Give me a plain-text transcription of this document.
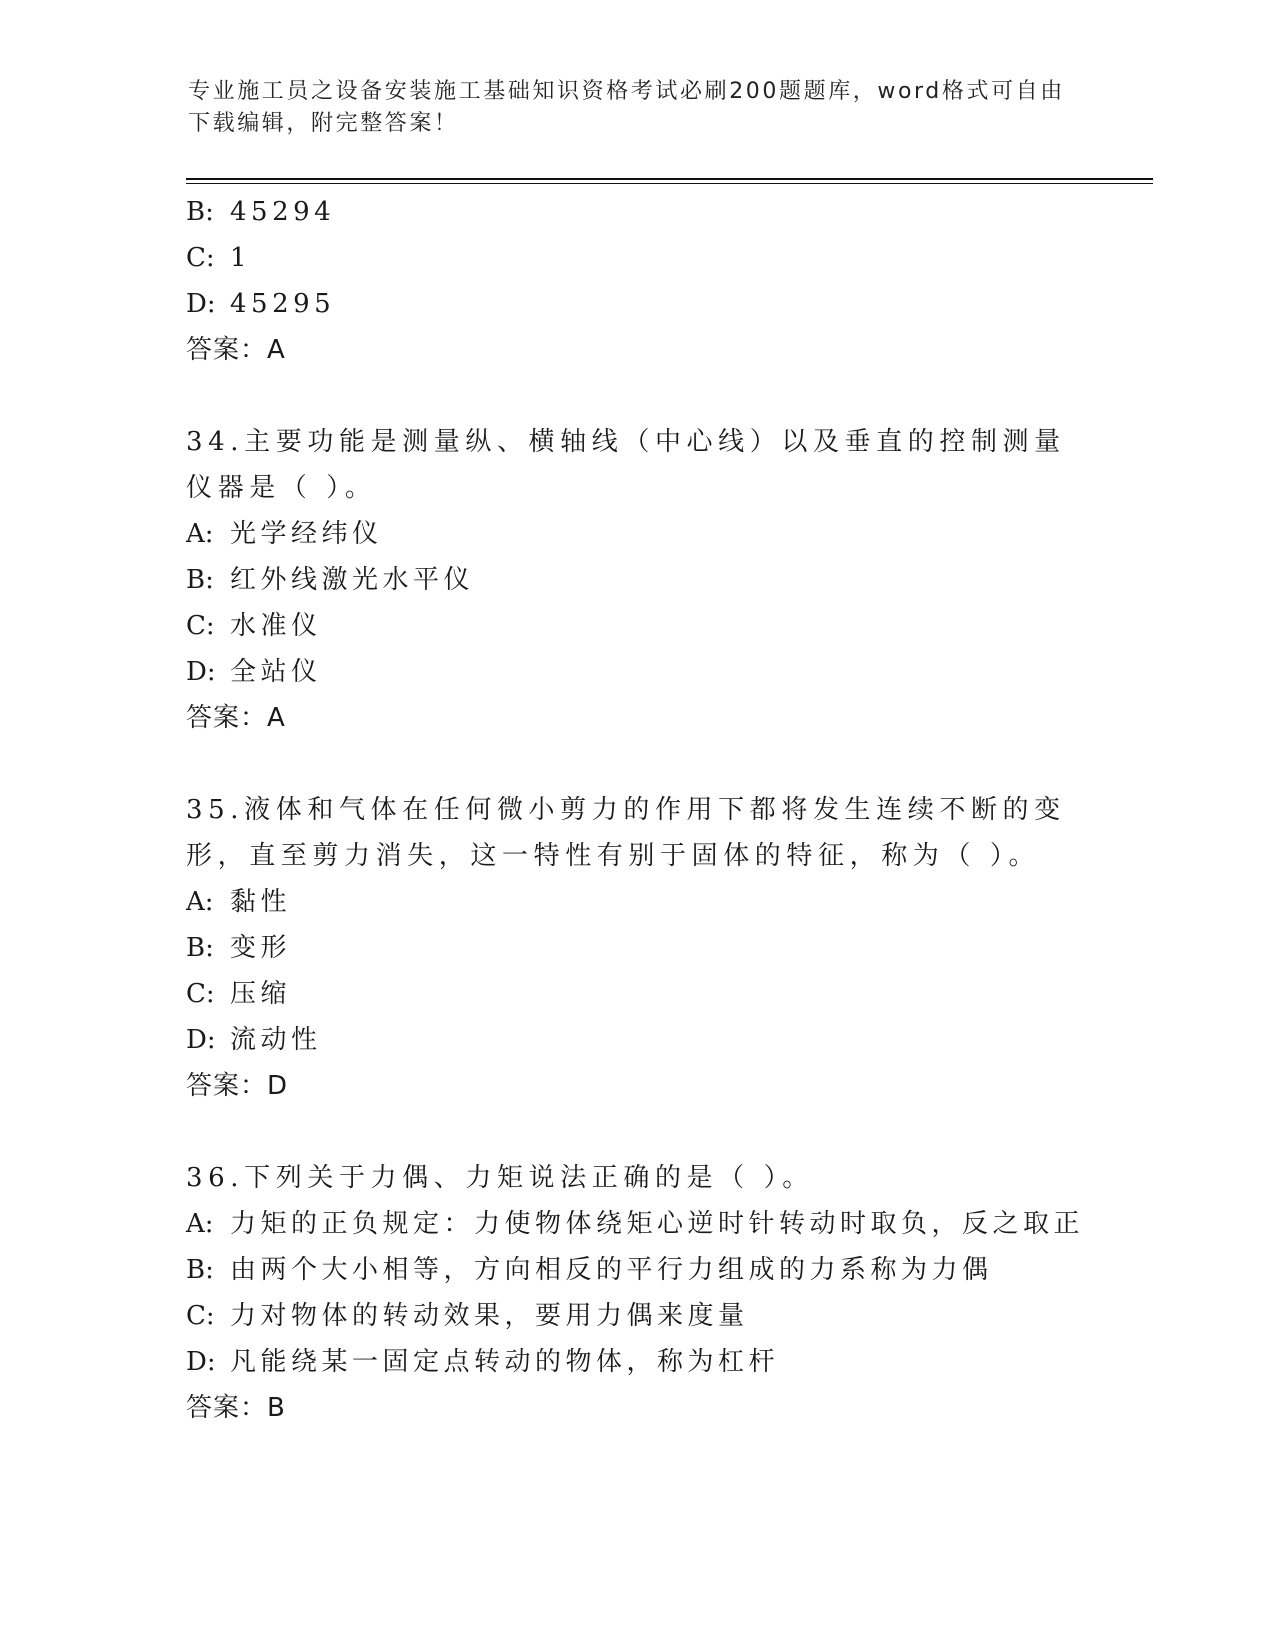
专业施工员之设备安装施工基础知识资格考试必刷200题题库，word格式可自由下载编辑，附完整答案！
B: 45294
C: 1
D: 45295
答案：A
34.主要功能是测量纵、横轴线（中心线）以及垂直的控制测量仪器是（ ）。
A: 光学经纬仪
B: 红外线激光水平仪
C: 水准仪
D: 全站仪
答案：A
35.液体和气体在任何微小剪力的作用下都将发生连续不断的变形，直至剪力消失，这一特性有别于固体的特征，称为（ ）。
A: 黏性
B: 变形
C: 压缩
D: 流动性
答案：D
36.下列关于力偶、力矩说法正确的是（ ）。
A: 力矩的正负规定：力使物体绕矩心逆时针转动时取负，反之取正
B: 由两个大小相等，方向相反的平行力组成的力系称为力偶
C: 力对物体的转动效果，要用力偶来度量
D: 凡能绕某一固定点转动的物体，称为杠杆
答案：B
